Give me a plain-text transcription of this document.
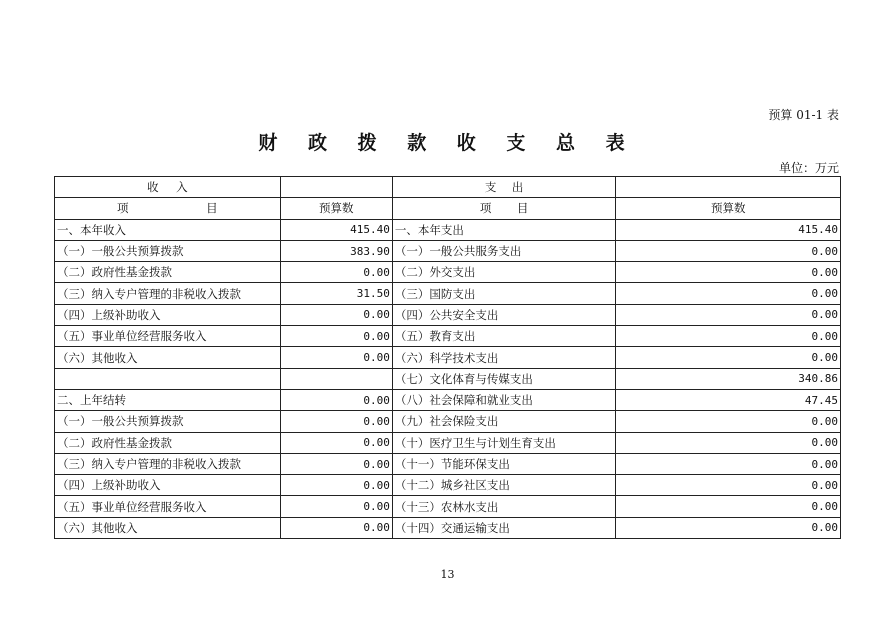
预算 01-1 表
财 政 拨 款 收 支 总 表
单位：万元
收 入		支 出	

项 目	预算数	项 目	预算数
一、本年收入	415.40	一、本年支出	415.40
（一）一般公共预算拨款	383.90	（一）一般公共服务支出	0.00
（二）政府性基金拨款	0.00	（二）外交支出	0.00
（三）纳入专户管理的非税收入拨款	31.50	（三）国防支出	0.00
（四）上级补助收入	0.00	（四）公共安全支出	0.00
（五）事业单位经营服务收入	0.00	（五）教育支出	0.00
（六）其他收入	0.00	（六）科学技术支出	0.00
		（七）文化体育与传媒支出	340.86
二、上年结转	0.00	（八）社会保障和就业支出	47.45
（一）一般公共预算拨款	0.00	（九）社会保险支出	0.00
（二）政府性基金拨款	0.00	（十）医疗卫生与计划生育支出	0.00
（三）纳入专户管理的非税收入拨款	0.00	（十一）节能环保支出	0.00
（四）上级补助收入	0.00	（十二）城乡社区支出	0.00
（五）事业单位经营服务收入	0.00	（十三）农林水支出	0.00
（六）其他收入	0.00	（十四）交通运输支出	0.00
13
